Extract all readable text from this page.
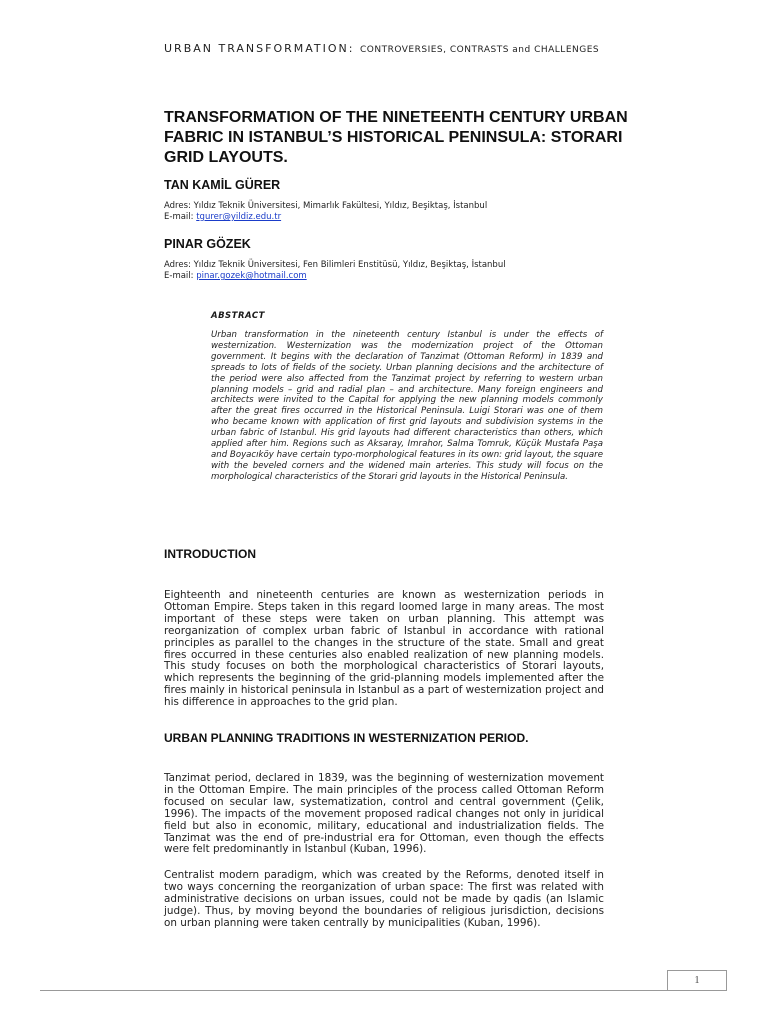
URBAN TRANSFORMATION: CONTROVERSIES, CONTRASTS and CHALLENGES
TRANSFORMATION OF THE NINETEENTH CENTURY URBAN FABRIC IN ISTANBUL’S HISTORICAL PENINSULA: STORARI GRID LAYOUTS.
TAN KAMİL GÜRER
Adres: Yıldız Teknik Üniversitesi, Mimarlık Fakültesi, Yıldız, Beşiktaş, İstanbul
E-mail: tgurer@yildiz.edu.tr
PINAR GÖZEK
Adres: Yıldız Teknik Üniversitesi, Fen Bilimleri Enstitüsü, Yıldız, Beşiktaş, İstanbul
E-mail: pinar.gozek@hotmail.com
ABSTRACT

Urban transformation in the nineteenth century Istanbul is under the effects of westernization. Westernization was the modernization project of the Ottoman government. It begins with the declaration of Tanzimat (Ottoman Reform) in 1839 and spreads to lots of fields of the society. Urban planning decisions and the architecture of the period were also affected from the Tanzimat project by referring to western urban planning models – grid and radial plan – and architecture. Many foreign engineers and architects were invited to the Capital for applying the new planning models commonly after the great fires occurred in the Historical Peninsula. Luigi Storari was one of them who became known with application of first grid layouts and subdivision systems in the urban fabric of Istanbul. His grid layouts had different characteristics than others, which applied after him. Regions such as Aksaray, Imrahor, Salma Tomruk, Küçük Mustafa Paşa and Boyacıköy have certain typo-morphological features in its own: grid layout, the square with the beveled corners and the widened main arteries. This study will focus on the morphological characteristics of the Storari grid layouts in the Historical Peninsula.

INTRODUCTION

Eighteenth and nineteenth centuries are known as westernization periods in Ottoman Empire. Steps taken in this regard loomed large in many areas. The most important of these steps were taken on urban planning. This attempt was reorganization of complex urban fabric of Istanbul in accordance with rational principles as parallel to the changes in the structure of the state. Small and great fires occurred in these centuries also enabled realization of new planning models. This study focuses on both the morphological characteristics of Storari layouts, which represents the beginning of the grid-planning models implemented after the fires mainly in historical peninsula in Istanbul as a part of westernization project and his difference in approaches to the grid plan.

URBAN PLANNING TRADITIONS IN WESTERNIZATION PERIOD.

Tanzimat period, declared in 1839, was the beginning of westernization movement in the Ottoman Empire. The main principles of the process called Ottoman Reform focused on secular law, systematization, control and central government (Çelik, 1996). The impacts of the movement proposed radical changes not only in juridical field but also in economic, military, educational and industrialization fields. The Tanzimat was the end of pre-industrial era for Ottoman, even though the effects were felt predominantly in Istanbul (Kuban, 1996).

Centralist modern paradigm, which was created by the Reforms, denoted itself in two ways concerning the reorganization of urban space: The first was related with administrative decisions on urban issues, could not be made by qadis (an Islamic judge). Thus, by moving beyond the boundaries of religious jurisdiction, decisions on urban planning were taken centrally by municipalities (Kuban, 1996).

1
